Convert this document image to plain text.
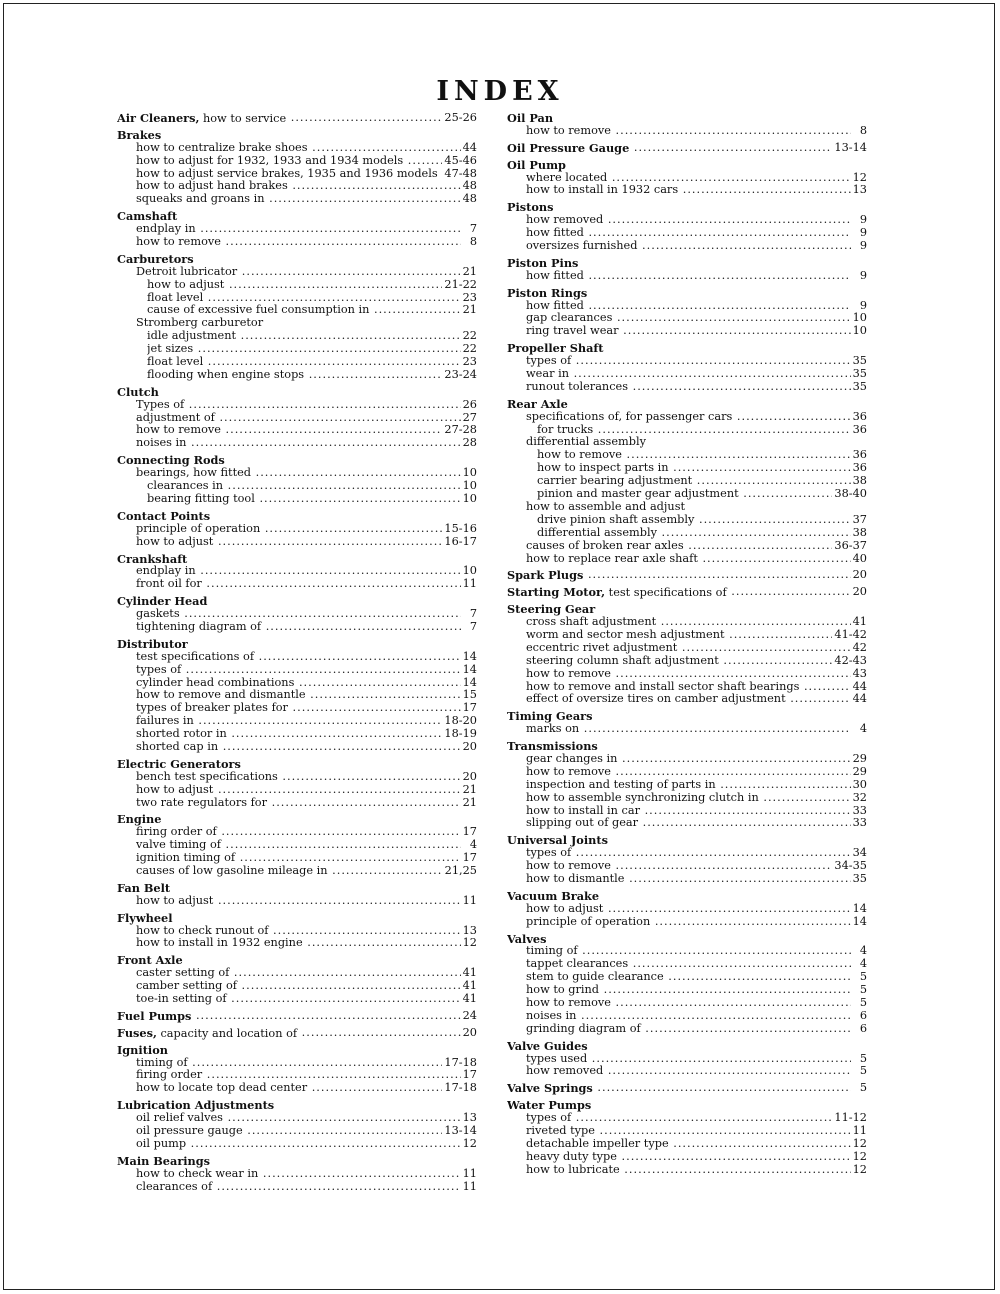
INDEX
Air Cleaners, how to service .....	25-26
Brakes
how to centralize brake shoes .....	44
how to adjust for 1932, 1933 and 1934 models .....	45-46
how to adjust service brakes, 1935 and 1936 models ..... 47-48
how to adjust hand brakes .....	48
squeaks and groans in .....	48
Camshaft
endplay in .....	7
how to remove .....	8
Carburetors
Detroit lubricator .....	21
how to adjust .....	21-22
float level .....	23
cause of excessive fuel consumption in .....	21
Stromberg carburetor
idle adjustment .....	22
jet sizes .....	22
float level .....	23
flooding when engine stops .....	23-24
Clutch
Types of .....	26
adjustment of .....	27
how to remove .....	27-28
noises in .....	28
Connecting Rods
bearings, how fitted .....	10
clearances in .....	10
bearing fitting tool .....	10
Contact Points
principle of operation .....	15-16
how to adjust .....	16-17
Crankshaft
endplay in .....	10
front oil for .....	11
Cylinder Head
gaskets .....	7
tightening diagram of .....	7
Distributor
test specifications of .....	14
types of .....	14
cylinder head combinations .....	14
how to remove and dismantle .....	15
types of breaker plates for .....	17
failures in .....	18-20
shorted rotor in .....	18-19
shorted cap in .....	20
Electric Generators
bench test specifications .....	20
how to adjust .....	21
two rate regulators for .....	21
Engine
firing order of .....	17
valve timing of .....	4
ignition timing of .....	17
causes of low gasoline mileage in .....	21,25
Fan Belt
how to adjust .....	11
Flywheel
how to check runout of .....	13
how to install in 1932 engine .....	12
Front Axle
caster setting of .....	41
camber setting of .....	41
toe-in setting of .....	41
Fuel Pumps .....	24
Fuses, capacity and location of .....	20
Ignition
timing of .....	17-18
firing order .....	17
how to locate top dead center .....	17-18
Lubrication Adjustments
oil relief valves .....	13
oil pressure gauge .....	13-14
oil pump .....	12
Main Bearings
how to check wear in .....	11
clearances of .....	11
Oil Pan
how to remove .....	8
Oil Pressure Gauge .....	13-14
Oil Pump
where located .....	12
how to install in 1932 cars .....	13
Pistons
how removed .....	9
how fitted .....	9
oversizes furnished .....	9
Piston Pins
how fitted .....	9
Piston Rings
how fitted .....	9
gap clearances .....	10
ring travel wear .....	10
Propeller Shaft
types of .....	35
wear in .....	35
runout tolerances .....	35
Rear Axle
specifications of, for passenger cars .....	36
for trucks .....	36
differential assembly
how to remove .....	36
how to inspect parts in .....	36
carrier bearing adjustment .....	38
pinion and master gear adjustment .....	38-40
how to assemble and adjust
drive pinion shaft assembly .....	37
differential assembly .....	38
causes of broken rear axles .....	36-37
how to replace rear axle shaft .....	40
Spark Plugs .....	20
Starting Motor, test specifications of .....	20
Steering Gear
cross shaft adjustment .....	41
worm and sector mesh adjustment .....	41-42
eccentric rivet adjustment .....	42
steering column shaft adjustment .....	42-43
how to remove .....	43
how to remove and install sector shaft bearings .....	44
effect of oversize tires on camber adjustment .....	44
Timing Gears
marks on .....	4
Transmissions
gear changes in .....	29
how to remove .....	29
inspection and testing of parts in .....	30
how to assemble synchronizing clutch in .....	32
how to install in car .....	33
slipping out of gear .....	33
Universal Joints
types of .....	34
how to remove .....	34-35
how to dismantle .....	35
Vacuum Brake
how to adjust .....	14
principle of operation .....	14
Valves
timing of .....	4
tappet clearances .....	4
stem to guide clearance .....	5
how to grind .....	5
how to remove .....	5
noises in .....	6
grinding diagram of .....	6
Valve Guides
types used .....	5
how removed .....	5
Valve Springs .....	5
Water Pumps
types of .....	11-12
riveted type .....	11
detachable impeller type .....	12
heavy duty type .....	12
how to lubricate .....	12
